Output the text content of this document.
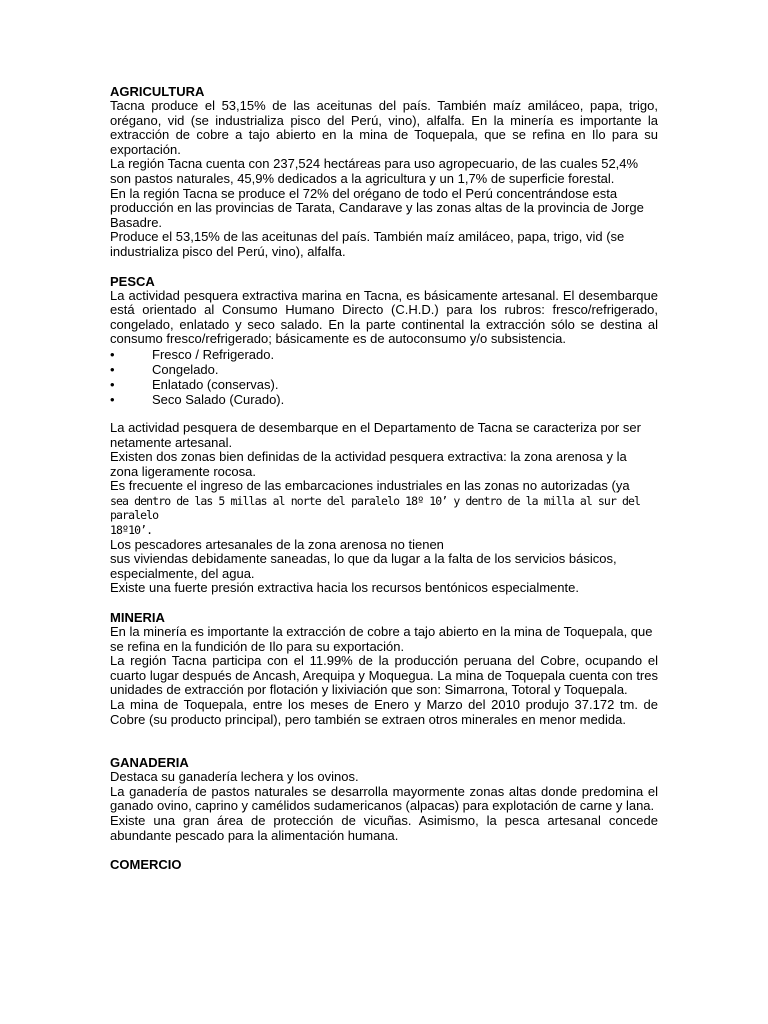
AGRICULTURA

Tacna produce el 53,15% de las aceitunas del país. También maíz amiláceo, papa, trigo, orégano, vid (se industrializa pisco del Perú, vino), alfalfa. En la minería es importante la extracción de cobre a tajo abierto en la mina de Toquepala, que se refina en Ilo para su exportación.

La región Tacna cuenta con 237,524 hectáreas para uso agropecuario, de las cuales 52,4% son pastos naturales, 45,9% dedicados a la agricultura y un 1,7% de superficie forestal.

En la región Tacna se produce el 72% del orégano de todo el Perú concentrándose esta producción en las provincias de Tarata, Candarave y las zonas altas de la provincia de Jorge Basadre.

Produce el 53,15% de las aceitunas del país. También maíz amiláceo, papa, trigo, vid (se industrializa pisco del Perú, vino), alfalfa.

PESCA

La actividad pesquera extractiva marina en Tacna, es básicamente artesanal. El desembarque está orientado al Consumo Humano Directo (C.H.D.) para los rubros: fresco/refrigerado, congelado, enlatado y seco salado. En la parte continental la extracción sólo se destina al consumo fresco/refrigerado; básicamente es de autoconsumo y/o subsistencia.

•	Fresco / Refrigerado.
•	Congelado.
•	Enlatado (conservas).
•	Seco Salado (Curado).

La actividad pesquera de desembarque en el Departamento de Tacna se caracteriza por ser netamente artesanal.

Existen dos zonas bien definidas de la actividad pesquera extractiva: la zona arenosa y la zona ligeramente rocosa.

Es frecuente el ingreso de las embarcaciones industriales en las zonas no autorizadas (ya
sea dentro de las 5 millas al norte del paralelo 18º 10’ y dentro de la milla al sur del paralelo
18º10’.
Los pescadores artesanales de la zona arenosa no tienen
sus viviendas debidamente saneadas, lo que da lugar a la falta de los servicios básicos, especialmente, del agua.

Existe una fuerte presión extractiva hacia los recursos bentónicos especialmente.

MINERIA

En la minería es importante la extracción de cobre a tajo abierto en la mina de Toquepala, que se refina en la fundición de Ilo para su exportación.

La región Tacna participa con el 11.99% de la producción peruana del Cobre, ocupando el cuarto lugar después de Ancash, Arequipa y Moquegua. La mina de Toquepala cuenta con tres unidades de extracción por flotación y lixiviación que son: Simarrona, Totoral y Toquepala.

La mina de Toquepala, entre los meses de Enero y Marzo del 2010 produjo 37.172 tm. de Cobre (su producto principal), pero también se extraen otros minerales en menor medida.

GANADERIA

Destaca su ganadería lechera y los ovinos.

La ganadería de pastos naturales se desarrolla mayormente zonas altas donde predomina el ganado ovino, caprino y camélidos sudamericanos (alpacas) para explotación de carne y lana.

Existe una gran área de protección de vicuñas. Asimismo, la pesca artesanal concede abundante pescado para la alimentación humana.

COMERCIO
